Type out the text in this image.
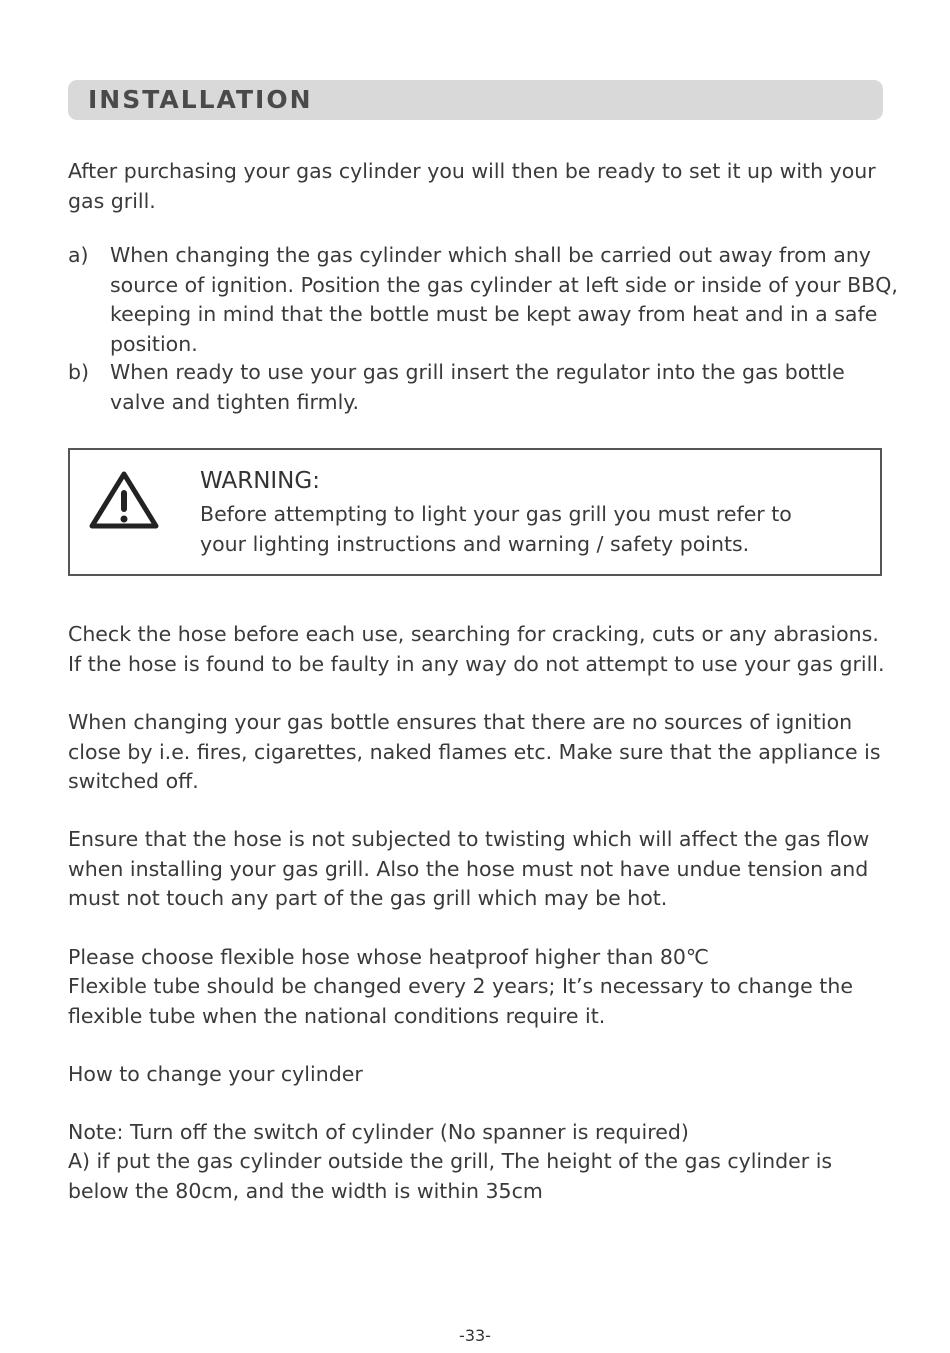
INSTALLATION

After purchasing your gas cylinder you will then be ready to set it up with your gas grill.

a) When changing the gas cylinder which shall be carried out away from any source of ignition. Position the gas cylinder at left side or inside of your BBQ, keeping in mind that the bottle must be kept away from heat and in a safe position.
b) When ready to use your gas grill insert the regulator into the gas bottle valve and tighten firmly.
WARNING:
Before attempting to light your gas grill you must refer to your lighting instructions and warning / safety points.

Check the hose before each use, searching for cracking, cuts or any abrasions. If the hose is found to be faulty in any way do not attempt to use your gas grill.

When changing your gas bottle ensures that there are no sources of ignition close by i.e. fires, cigarettes, naked flames etc. Make sure that the appliance is switched off.

Ensure that the hose is not subjected to twisting which will affect the gas flow when installing your gas grill. Also the hose must not have undue tension and must not touch any part of the gas grill which may be hot.

Please choose flexible hose whose heatproof higher than 80℃

Flexible tube should be changed every 2 years; It’s necessary to change the flexible tube when the national conditions require it.

How to change your cylinder

Note: Turn off the switch of cylinder (No spanner is required)

A) if put the gas cylinder outside the grill, The height of the gas cylinder is below the 80cm, and the width is within 35cm

-33-
